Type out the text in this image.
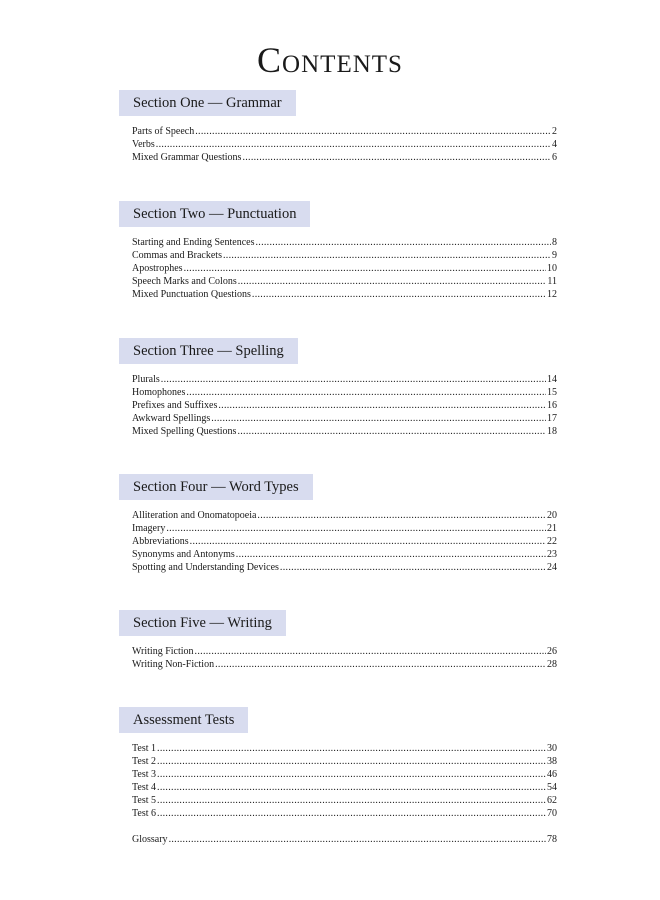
Contents
Section One — Grammar
Parts of Speech .....	2
Verbs .....	4
Mixed Grammar Questions .....	6
Section Two — Punctuation
Starting and Ending Sentences .....	8
Commas and Brackets .....	9
Apostrophes .....	10
Speech Marks and Colons .....	11
Mixed Punctuation Questions .....	12
Section Three — Spelling
Plurals .....	14
Homophones .....	15
Prefixes and Suffixes .....	16
Awkward Spellings .....	17
Mixed Spelling Questions .....	18
Section Four — Word Types
Alliteration and Onomatopoeia .....	20
Imagery .....	21
Abbreviations .....	22
Synonyms and Antonyms .....	23
Spotting and Understanding Devices .....	24
Section Five — Writing
Writing Fiction .....	26
Writing Non-Fiction .....	28
Assessment Tests
Test 1 .....	30
Test 2 .....	38
Test 3 .....	46
Test 4 .....	54
Test 5 .....	62
Test 6 .....	70
Glossary .....	78
